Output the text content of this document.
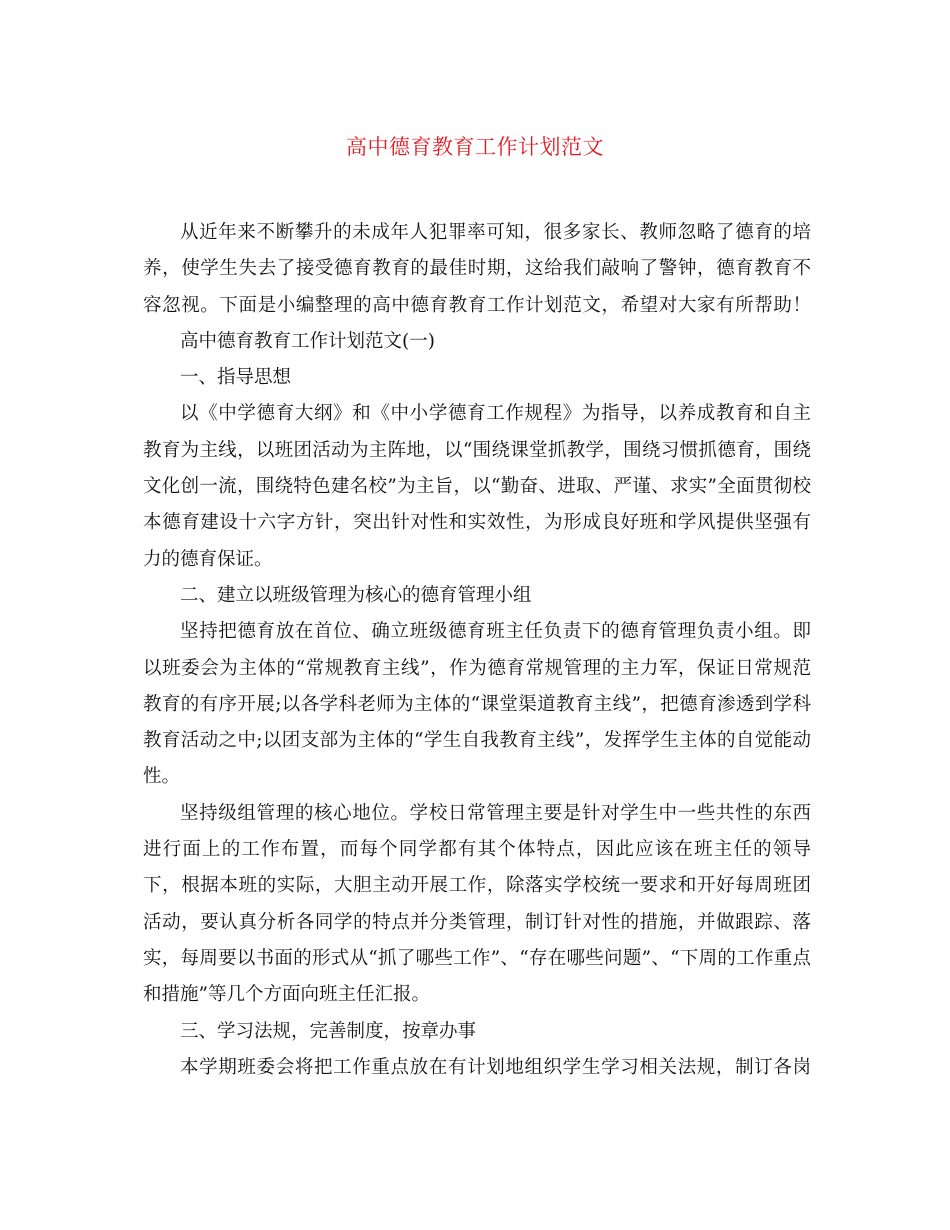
高中德育教育工作计划范文

从近年来不断攀升的未成年人犯罪率可知，很多家长、教师忽略了德育的培
养，使学生失去了接受德育教育的最佳时期，这给我们敲响了警钟，德育教育不
容忽视。下面是小编整理的高中德育教育工作计划范文，希望对大家有所帮助！

高中德育教育工作计划范文(一)

一、指导思想

以《中学德育大纲》和《中小学德育工作规程》为指导，以养成教育和自主
教育为主线，以班团活动为主阵地，以“围绕课堂抓教学，围绕习惯抓德育，围绕
文化创一流，围绕特色建名校”为主旨，以“勤奋、进取、严谨、求实”全面贯彻校
本德育建设十六字方针，突出针对性和实效性，为形成良好班和学风提供坚强有
力的德育保证。

二、建立以班级管理为核心的德育管理小组

坚持把德育放在首位、确立班级德育班主任负责下的德育管理负责小组。即
以班委会为主体的“常规教育主线”，作为德育常规管理的主力军，保证日常规范
教育的有序开展;以各学科老师为主体的“课堂渠道教育主线”，把德育渗透到学科
教育活动之中;以团支部为主体的“学生自我教育主线”，发挥学生主体的自觉能动
性。

坚持级组管理的核心地位。学校日常管理主要是针对学生中一些共性的东西
进行面上的工作布置，而每个同学都有其个体特点，因此应该在班主任的领导
下，根据本班的实际，大胆主动开展工作，除落实学校统一要求和开好每周班团
活动，要认真分析各同学的特点并分类管理，制订针对性的措施，并做跟踪、落
实，每周要以书面的形式从“抓了哪些工作”、“存在哪些问题”、“下周的工作重点
和措施”等几个方面向班主任汇报。

三、学习法规，完善制度，按章办事

本学期班委会将把工作重点放在有计划地组织学生学习相关法规，制订各岗
